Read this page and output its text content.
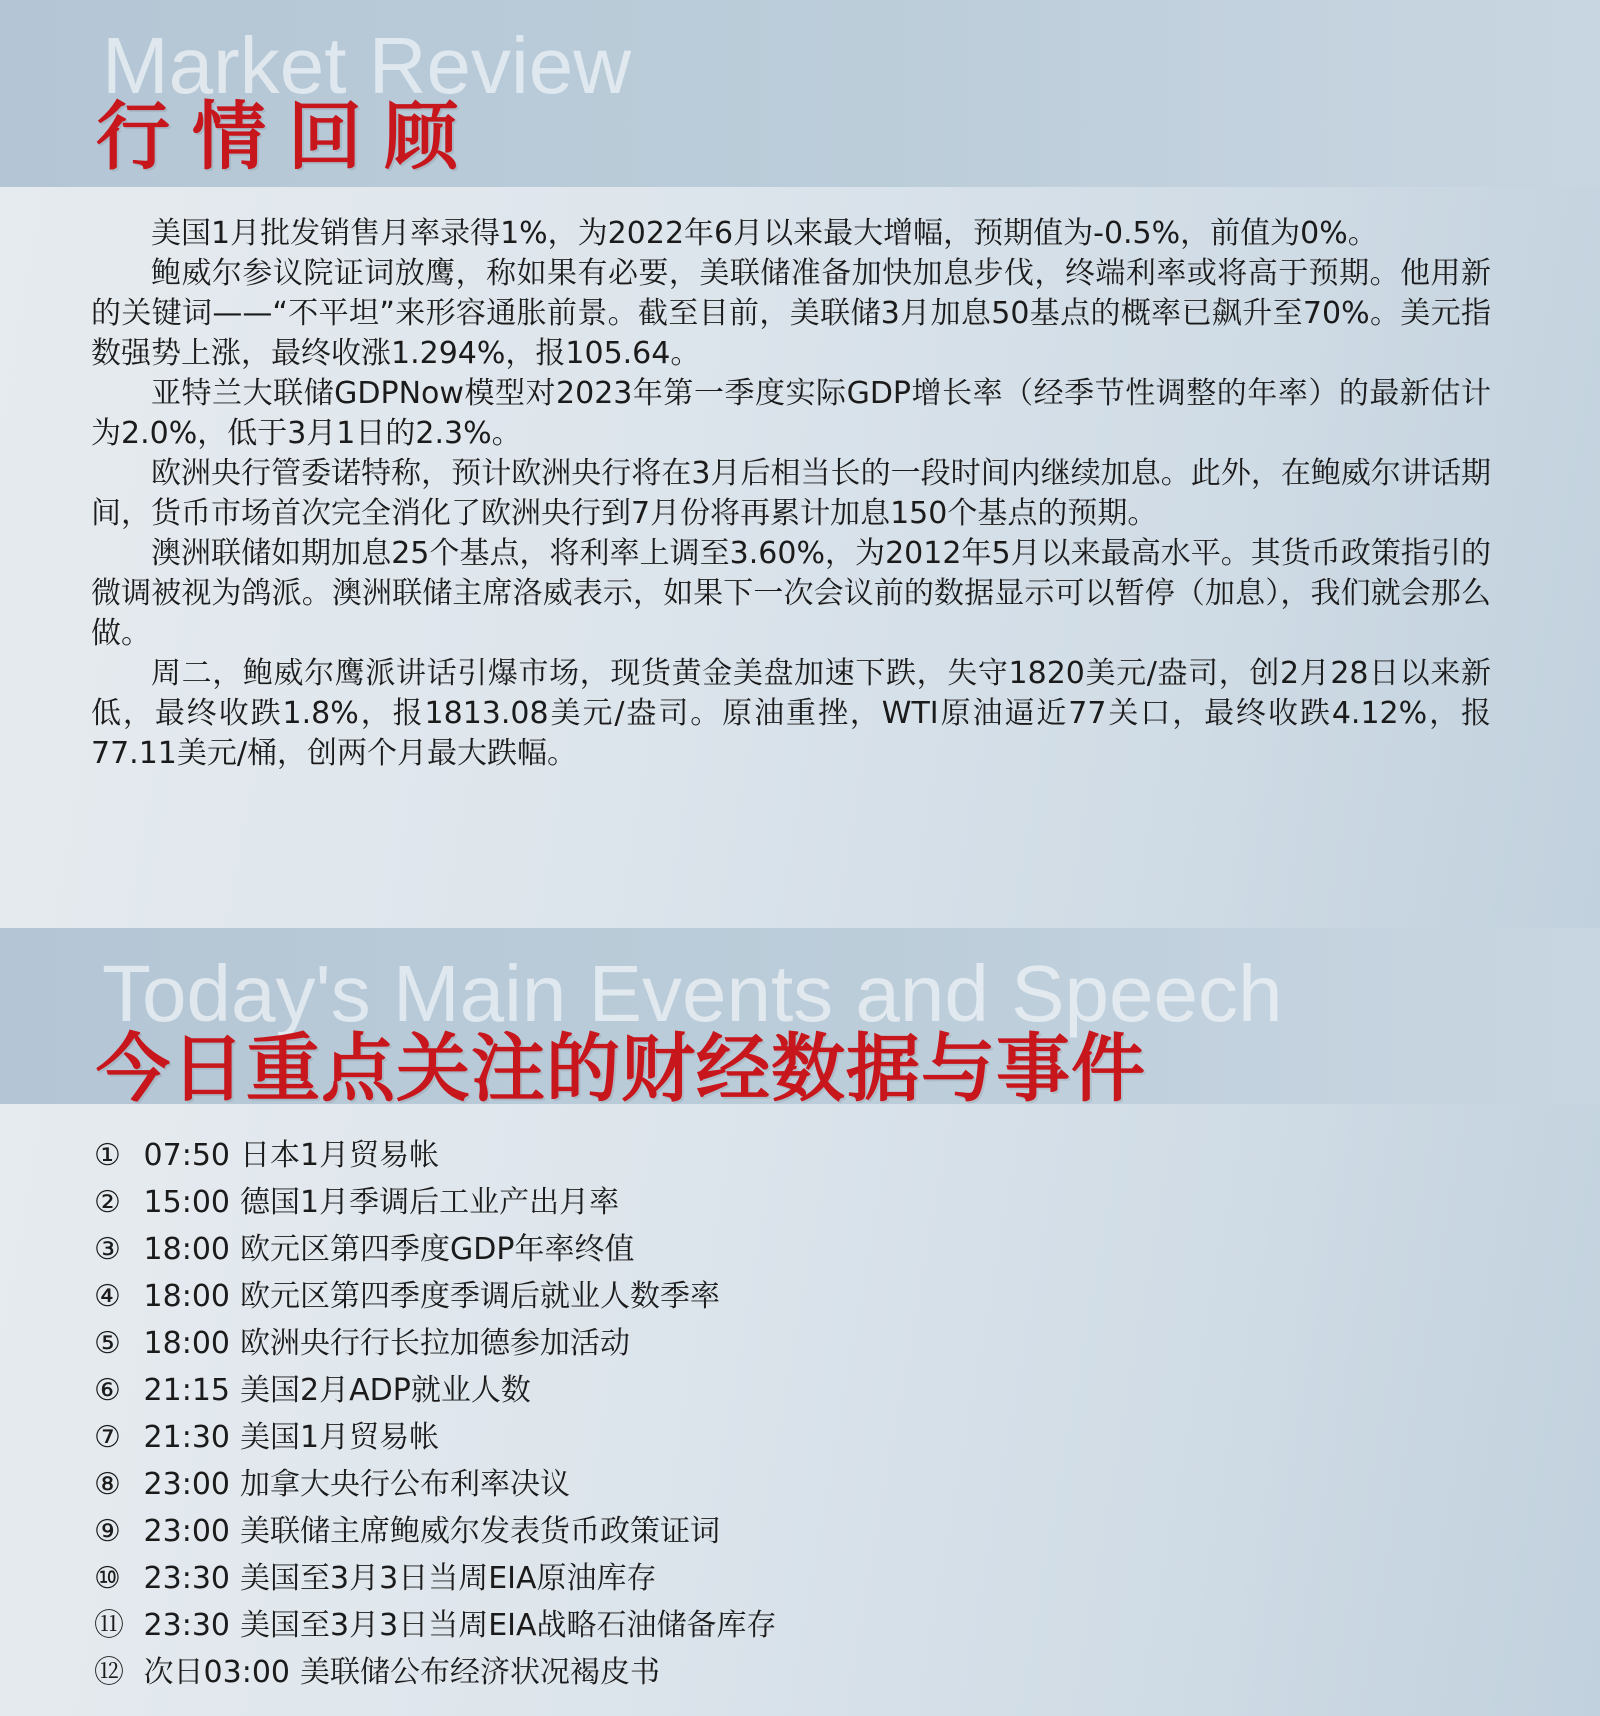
Market Review
行情回顾

美国1月批发销售月率录得1%，为2022年6月以来最大增幅，预期值为-0.5%，前值为0%。

鲍威尔参议院证词放鹰，称如果有必要，美联储准备加快加息步伐，终端利率或将高于预期。他用新的关键词——“不平坦”来形容通胀前景。截至目前，美联储3月加息50基点的概率已飙升至70%。美元指数强势上涨，最终收涨1.294%，报105.64。

亚特兰大联储GDPNow模型对2023年第一季度实际GDP增长率（经季节性调整的年率）的最新估计为2.0%，低于3月1日的2.3%。

欧洲央行管委诺特称，预计欧洲央行将在3月后相当长的一段时间内继续加息。此外，在鲍威尔讲话期间，货币市场首次完全消化了欧洲央行到7月份将再累计加息150个基点的预期。

澳洲联储如期加息25个基点，将利率上调至3.60%，为2012年5月以来最高水平。其货币政策指引的微调被视为鸽派。澳洲联储主席洛威表示，如果下一次会议前的数据显示可以暂停（加息），我们就会那么做。

周二，鲍威尔鹰派讲话引爆市场，现货黄金美盘加速下跌，失守1820美元/盎司，创2月28日以来新低，最终收跌1.8%，报1813.08美元/盎司。原油重挫，WTI原油逼近77关口，最终收跌4.12%，报77.11美元/桶，创两个月最大跌幅。

Today's Main Events and Speech
今日重点关注的财经数据与事件
① 07:50 日本1月贸易帐
② 15:00 德国1月季调后工业产出月率
③ 18:00 欧元区第四季度GDP年率终值
④ 18:00 欧元区第四季度季调后就业人数季率
⑤ 18:00 欧洲央行行长拉加德参加活动
⑥ 21:15 美国2月ADP就业人数
⑦ 21:30 美国1月贸易帐
⑧ 23:00 加拿大央行公布利率决议
⑨ 23:00 美联储主席鲍威尔发表货币政策证词
⑩ 23:30 美国至3月3日当周EIA原油库存
⑪ 23:30 美国至3月3日当周EIA战略石油储备库存
⑫ 次日03:00 美联储公布经济状况褐皮书
